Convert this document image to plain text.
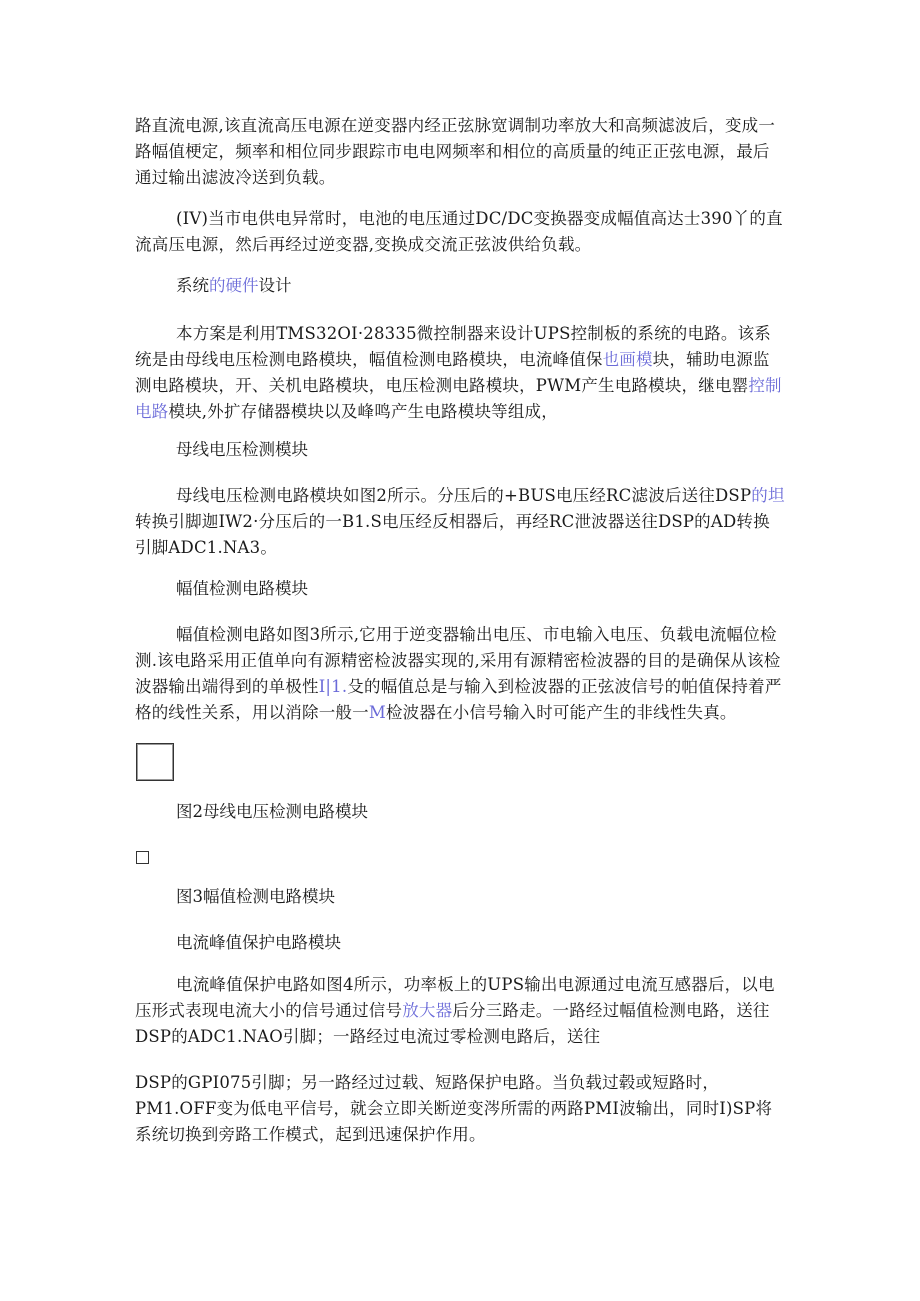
路直流电源,该直流高压电源在逆变器内经正弦脉宽调制功率放大和高频滤波后，变成一路幅值梗定，频率和相位同步跟踪市电电网频率和相位的高质量的纯正正弦电源，最后通过输出滤波冷送到负载。

(IV)当市电供电异常时，电池的电压通过DC/DC变换器变成幅值高达士390丫的直流高压电源，然后再经过逆变器,变换成交流正弦波供给负载。

系统的硬件设计

本方案是利用TMS32OI·28335微控制器来设计UPS控制板的系统的电路。该系统是由母线电压检测电路模块，幅值检测电路模块，电流峰值保也画模块，辅助电源监测电路模块，开、关机电路模块，电压检测电路模块，PWM产生电路模块，继电罂控制电路模块,外扩存储器模块以及峰鸣产生电路模块等组成，

母线电压检测模块

母线电压检测电路模块如图2所示。分压后的+BUS电压经RC滤波后送往DSP的坦转换引脚迦IW2·分压后的一B1.S电压经反相器后，再经RC泄波器送往DSP的AD转换引脚ADC1.NA3。

幅值检测电路模块

幅值检测电路如图3所示,它用于逆变器输出电压、市电输入电压、负载电流幅位检测.该电路采用正值单向有源精密检波器实现的,采用有源精密检波器的目的是确保从该检波器输出端得到的单极性I|1.殳的幅值总是与输入到检波器的正弦波信号的帕值保持着严格的线性关系，用以消除一般一M检波器在小信号输入时可能产生的非线性失真。

图2母线电压检测电路模块

图3幅值检测电路模块

电流峰值保护电路模块

电流峰值保护电路如图4所示，功率板上的UPS输出电源通过电流互感器后，以电压形式表现电流大小的信号通过信号放大器后分三路走。一路经过幅值检测电路，送往DSP的ADC1.NAO引脚；一路经过电流过零检测电路后，送往

DSP的GPI075引脚；另一路经过过载、短路保护电路。当负载过毂或短路时，PM1.OFF变为低电平信号，就会立即关断逆变涔所需的两路PMI波输出，同时I)SP将系统切换到旁路工作模式，起到迅速保护作用。
